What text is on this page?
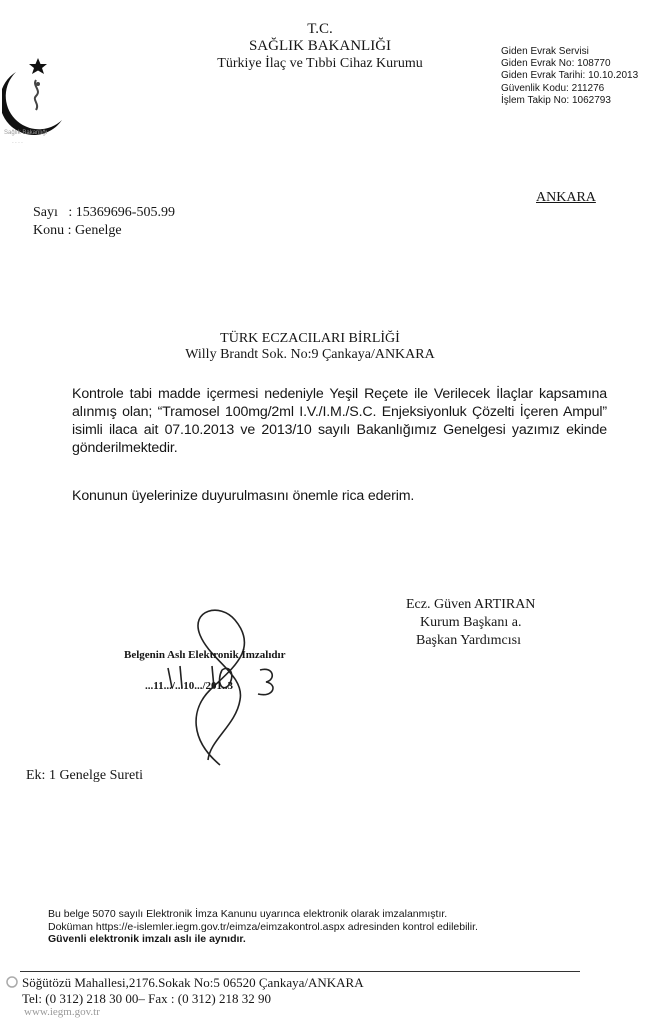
Sağlık Bakanlığı
- - - -
T.C.
SAĞLIK BAKANLIĞI
Türkiye İlaç ve Tıbbi Cihaz Kurumu
Giden Evrak Servisi
Giden Evrak No: 108770
Giden Evrak Tarihi: 10.10.2013
Güvenlik Kodu: 211276
İşlem Takip No: 1062793
ANKARA
Sayı   : 15369696-505.99
Konu : Genelge
TÜRK ECZACILARI BİRLİĞİ
Willy Brandt Sok. No:9 Çankaya/ANKARA

Kontrole tabi madde içermesi nedeniyle Yeşil Reçete ile Verilecek İlaçlar kapsamına alınmış olan; “Tramosel 100mg/2ml I.V./I.M./S.C. Enjeksiyonluk Çözelti İçeren Ampul” isimli ilaca ait 07.10.2013 ve 2013/10 sayılı Bakanlığımız Genelgesi yazımız ekinde gönderilmektedir.

Konunun üyelerinize duyurulmasını önemle rica ederim.
Ecz. Güven ARTIRAN
Kurum Başkanı a.
Başkan Yardımcısı
Belgenin Aslı Elektronik İmzalıdır
...11.../...10.../201..3
Ek: 1 Genelge Sureti
Bu belge 5070 sayılı Elektronik İmza Kanunu uyarınca elektronik olarak imzalanmıştır.
Doküman https://e-islemler.iegm.gov.tr/eimza/eimzakontrol.aspx adresinden kontrol edilebilir.
Güvenli elektronik imzalı aslı ile aynıdır.
Söğütözü Mahallesi,2176.Sokak No:5 06520 Çankaya/ANKARA
Tel: (0 312) 218 30 00– Fax : (0 312) 218 32 90
www.iegm.gov.tr
